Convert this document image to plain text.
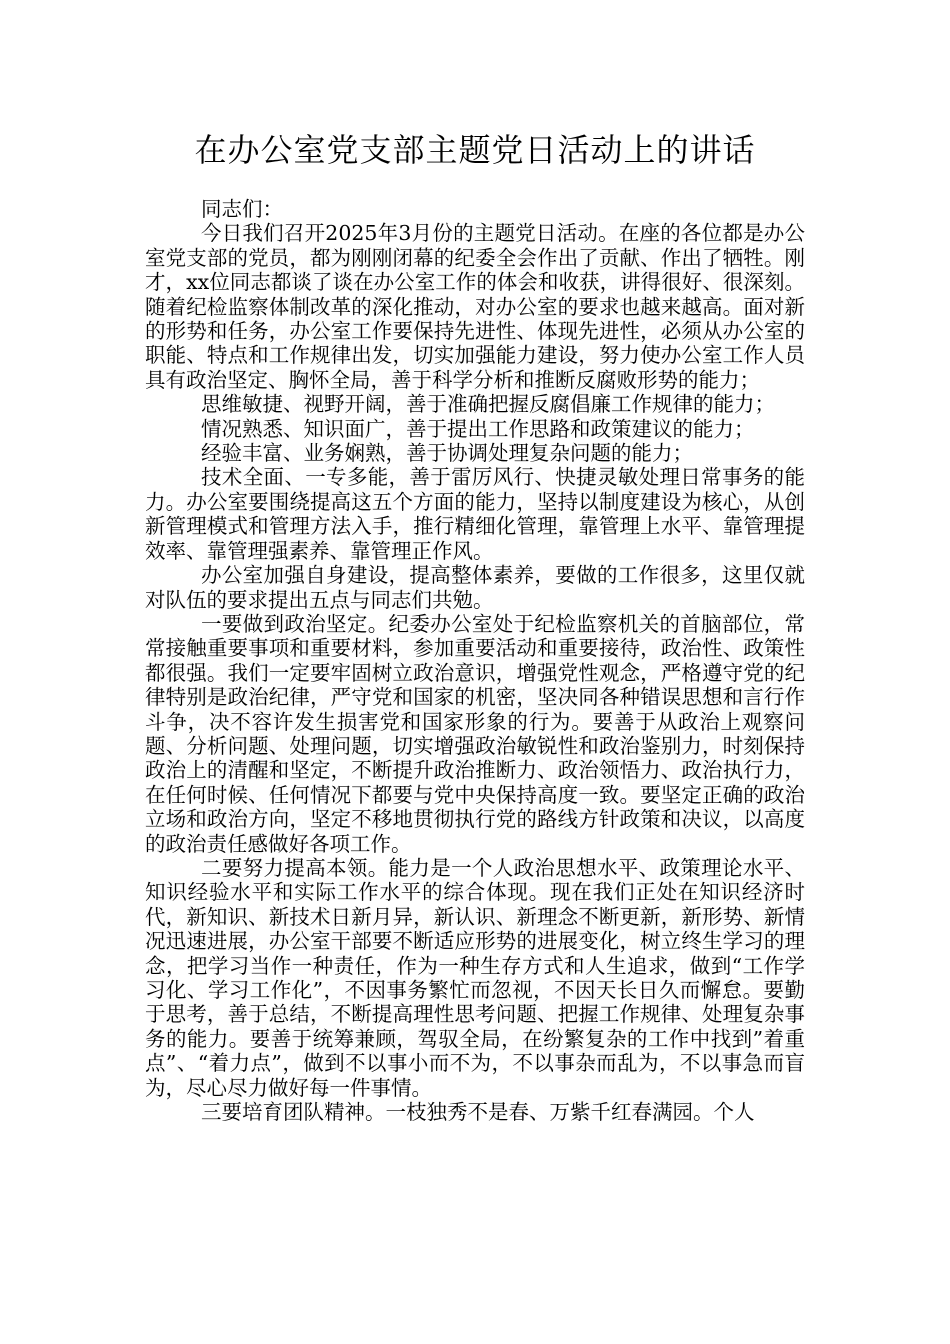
在办公室党支部主题党日活动上的讲话

同志们：

今日我们召开2025年3月份的主题党日活动。在座的各位都是办公室党支部的党员，都为刚刚闭幕的纪委全会作出了贡献、作出了牺牲。刚才，xx位同志都谈了谈在办公室工作的体会和收获，讲得很好、很深刻。随着纪检监察体制改革的深化推动，对办公室的要求也越来越高。面对新的形势和任务，办公室工作要保持先进性、体现先进性，必须从办公室的职能、特点和工作规律出发，切实加强能力建设，努力使办公室工作人员具有政治坚定、胸怀全局，善于科学分析和推断反腐败形势的能力；

思维敏捷、视野开阔，善于准确把握反腐倡廉工作规律的能力；

情况熟悉、知识面广，善于提出工作思路和政策建议的能力；

经验丰富、业务娴熟，善于协调处理复杂问题的能力；

技术全面、一专多能，善于雷厉风行、快捷灵敏处理日常事务的能力。办公室要围绕提高这五个方面的能力，坚持以制度建设为核心，从创新管理模式和管理方法入手，推行精细化管理，靠管理上水平、靠管理提效率、靠管理强素养、靠管理正作风。

办公室加强自身建设，提高整体素养，要做的工作很多，这里仅就对队伍的要求提出五点与同志们共勉。

一要做到政治坚定。纪委办公室处于纪检监察机关的首脑部位，常常接触重要事项和重要材料，参加重要活动和重要接待，政治性、政策性都很强。我们一定要牢固树立政治意识，增强党性观念，严格遵守党的纪律特别是政治纪律，严守党和国家的机密，坚决同各种错误思想和言行作斗争，决不容许发生损害党和国家形象的行为。要善于从政治上观察问题、分析问题、处理问题，切实增强政治敏锐性和政治鉴别力，时刻保持政治上的清醒和坚定，不断提升政治推断力、政治领悟力、政治执行力，在任何时候、任何情况下都要与党中央保持高度一致。要坚定正确的政治立场和政治方向，坚定不移地贯彻执行党的路线方针政策和决议，以高度的政治责任感做好各项工作。

二要努力提高本领。能力是一个人政治思想水平、政策理论水平、知识经验水平和实际工作水平的综合体现。现在我们正处在知识经济时代，新知识、新技术日新月异，新认识、新理念不断更新，新形势、新情况迅速进展，办公室干部要不断适应形势的进展变化，树立终生学习的理念，把学习当作一种责任，作为一种生存方式和人生追求，做到“工作学习化、学习工作化”，不因事务繁忙而忽视，不因天长日久而懈怠。要勤于思考，善于总结，不断提高理性思考问题、把握工作规律、处理复杂事务的能力。要善于统筹兼顾，驾驭全局，在纷繁复杂的工作中找到”着重点”、“着力点”，做到不以事小而不为，不以事杂而乱为，不以事急而盲为，尽心尽力做好每一件事情。

三要培育团队精神。一枝独秀不是春、万紫千红春满园。个人
